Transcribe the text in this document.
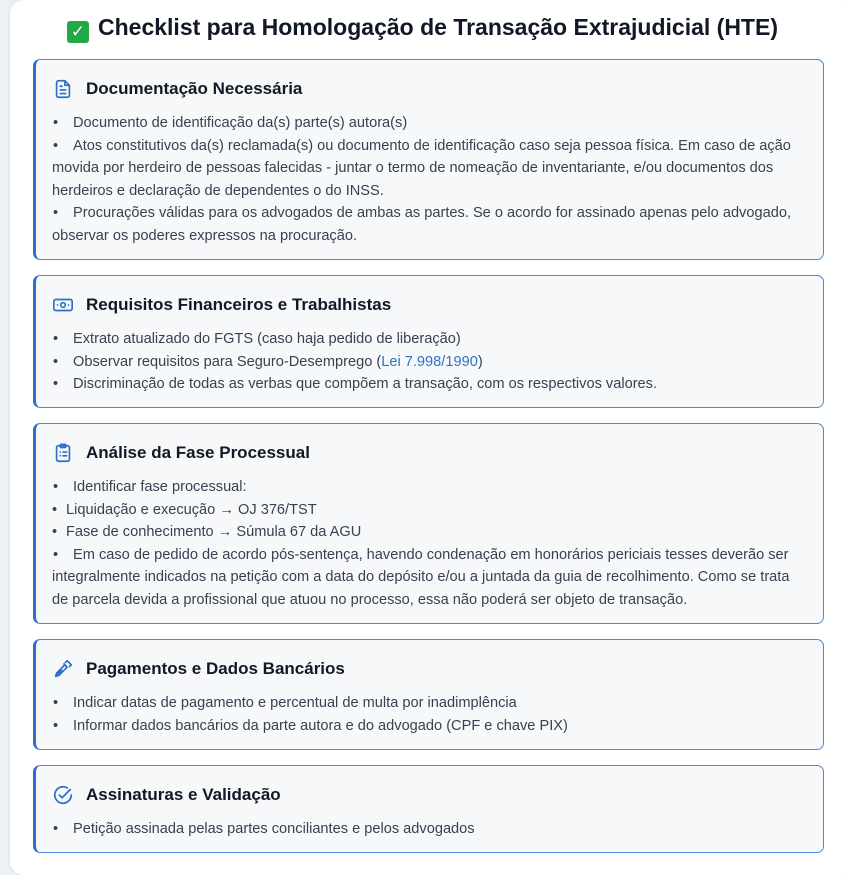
✓ Checklist para Homologação de Transação Extrajudicial (HTE)
Documentação Necessária
• Documento de identificação da(s) parte(s) autora(s)
• Atos constitutivos da(s) reclamada(s) ou documento de identificação caso seja pessoa física. Em caso de ação movida por herdeiro de pessoas falecidas - juntar o termo de nomeação de inventariante, e/ou documentos dos herdeiros e declaração de dependentes o do INSS.
• Procurações válidas para os advogados de ambas as partes. Se o acordo for assinado apenas pelo advogado, observar os poderes expressos na procuração.
Requisitos Financeiros e Trabalhistas
• Extrato atualizado do FGTS (caso haja pedido de liberação)
• Observar requisitos para Seguro-Desemprego (Lei 7.998/1990)
• Discriminação de todas as verbas que compõem a transação, com os respectivos valores.
Análise da Fase Processual
• Identificar fase processual:
• Liquidação e execução → OJ 376/TST
• Fase de conhecimento → Súmula 67 da AGU
• Em caso de pedido de acordo pós-sentença, havendo condenação em honorários periciais tesses deverão ser integralmente indicados na petição com a data do depósito e/ou a juntada da guia de recolhimento. Como se trata de parcela devida a profissional que atuou no processo, essa não poderá ser objeto de transação.
Pagamentos e Dados Bancários
• Indicar datas de pagamento e percentual de multa por inadimplência
• Informar dados bancários da parte autora e do advogado (CPF e chave PIX)
Assinaturas e Validação
• Petição assinada pelas partes conciliantes e pelos advogados
